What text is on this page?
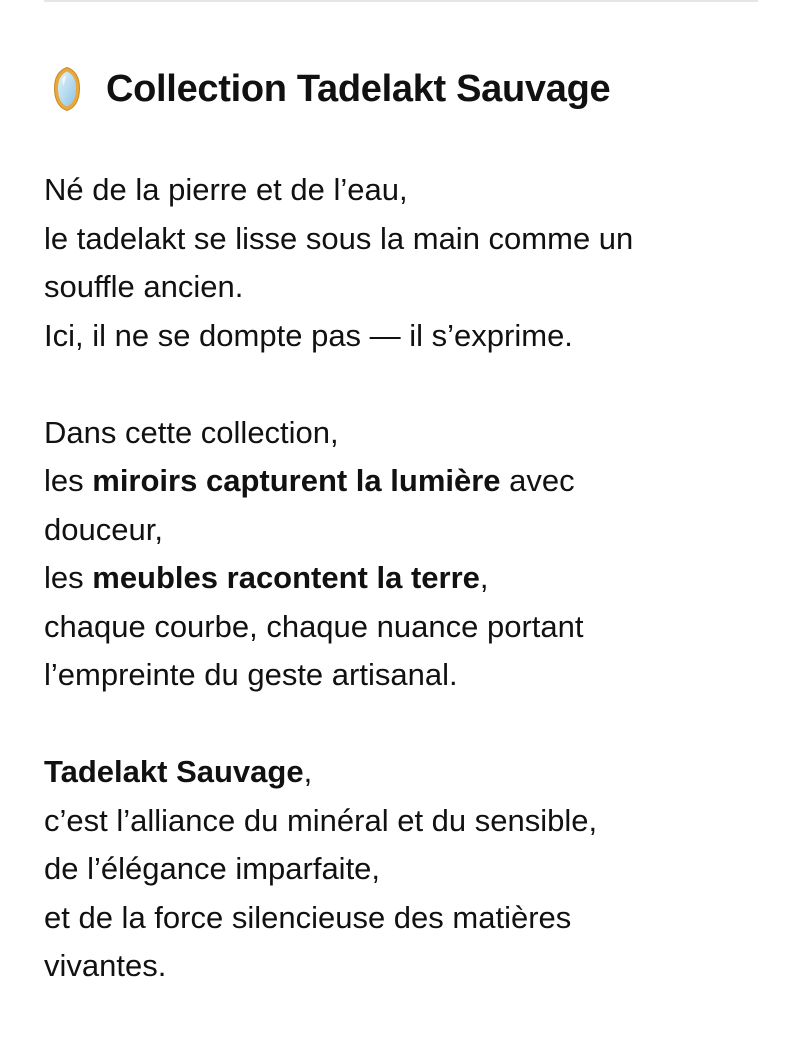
Collection Tadelakt Sauvage
Né de la pierre et de l’eau,
le tadelakt se lisse sous la main comme un
souffle ancien.
Ici, il ne se dompte pas — il s’exprime.
Dans cette collection,
les miroirs capturent la lumière avec
douceur,
les meubles racontent la terre,
chaque courbe, chaque nuance portant
l’empreinte du geste artisanal.
Tadelakt Sauvage,
c’est l’alliance du minéral et du sensible,
de l’élégance imparfaite,
et de la force silencieuse des matières
vivantes.
